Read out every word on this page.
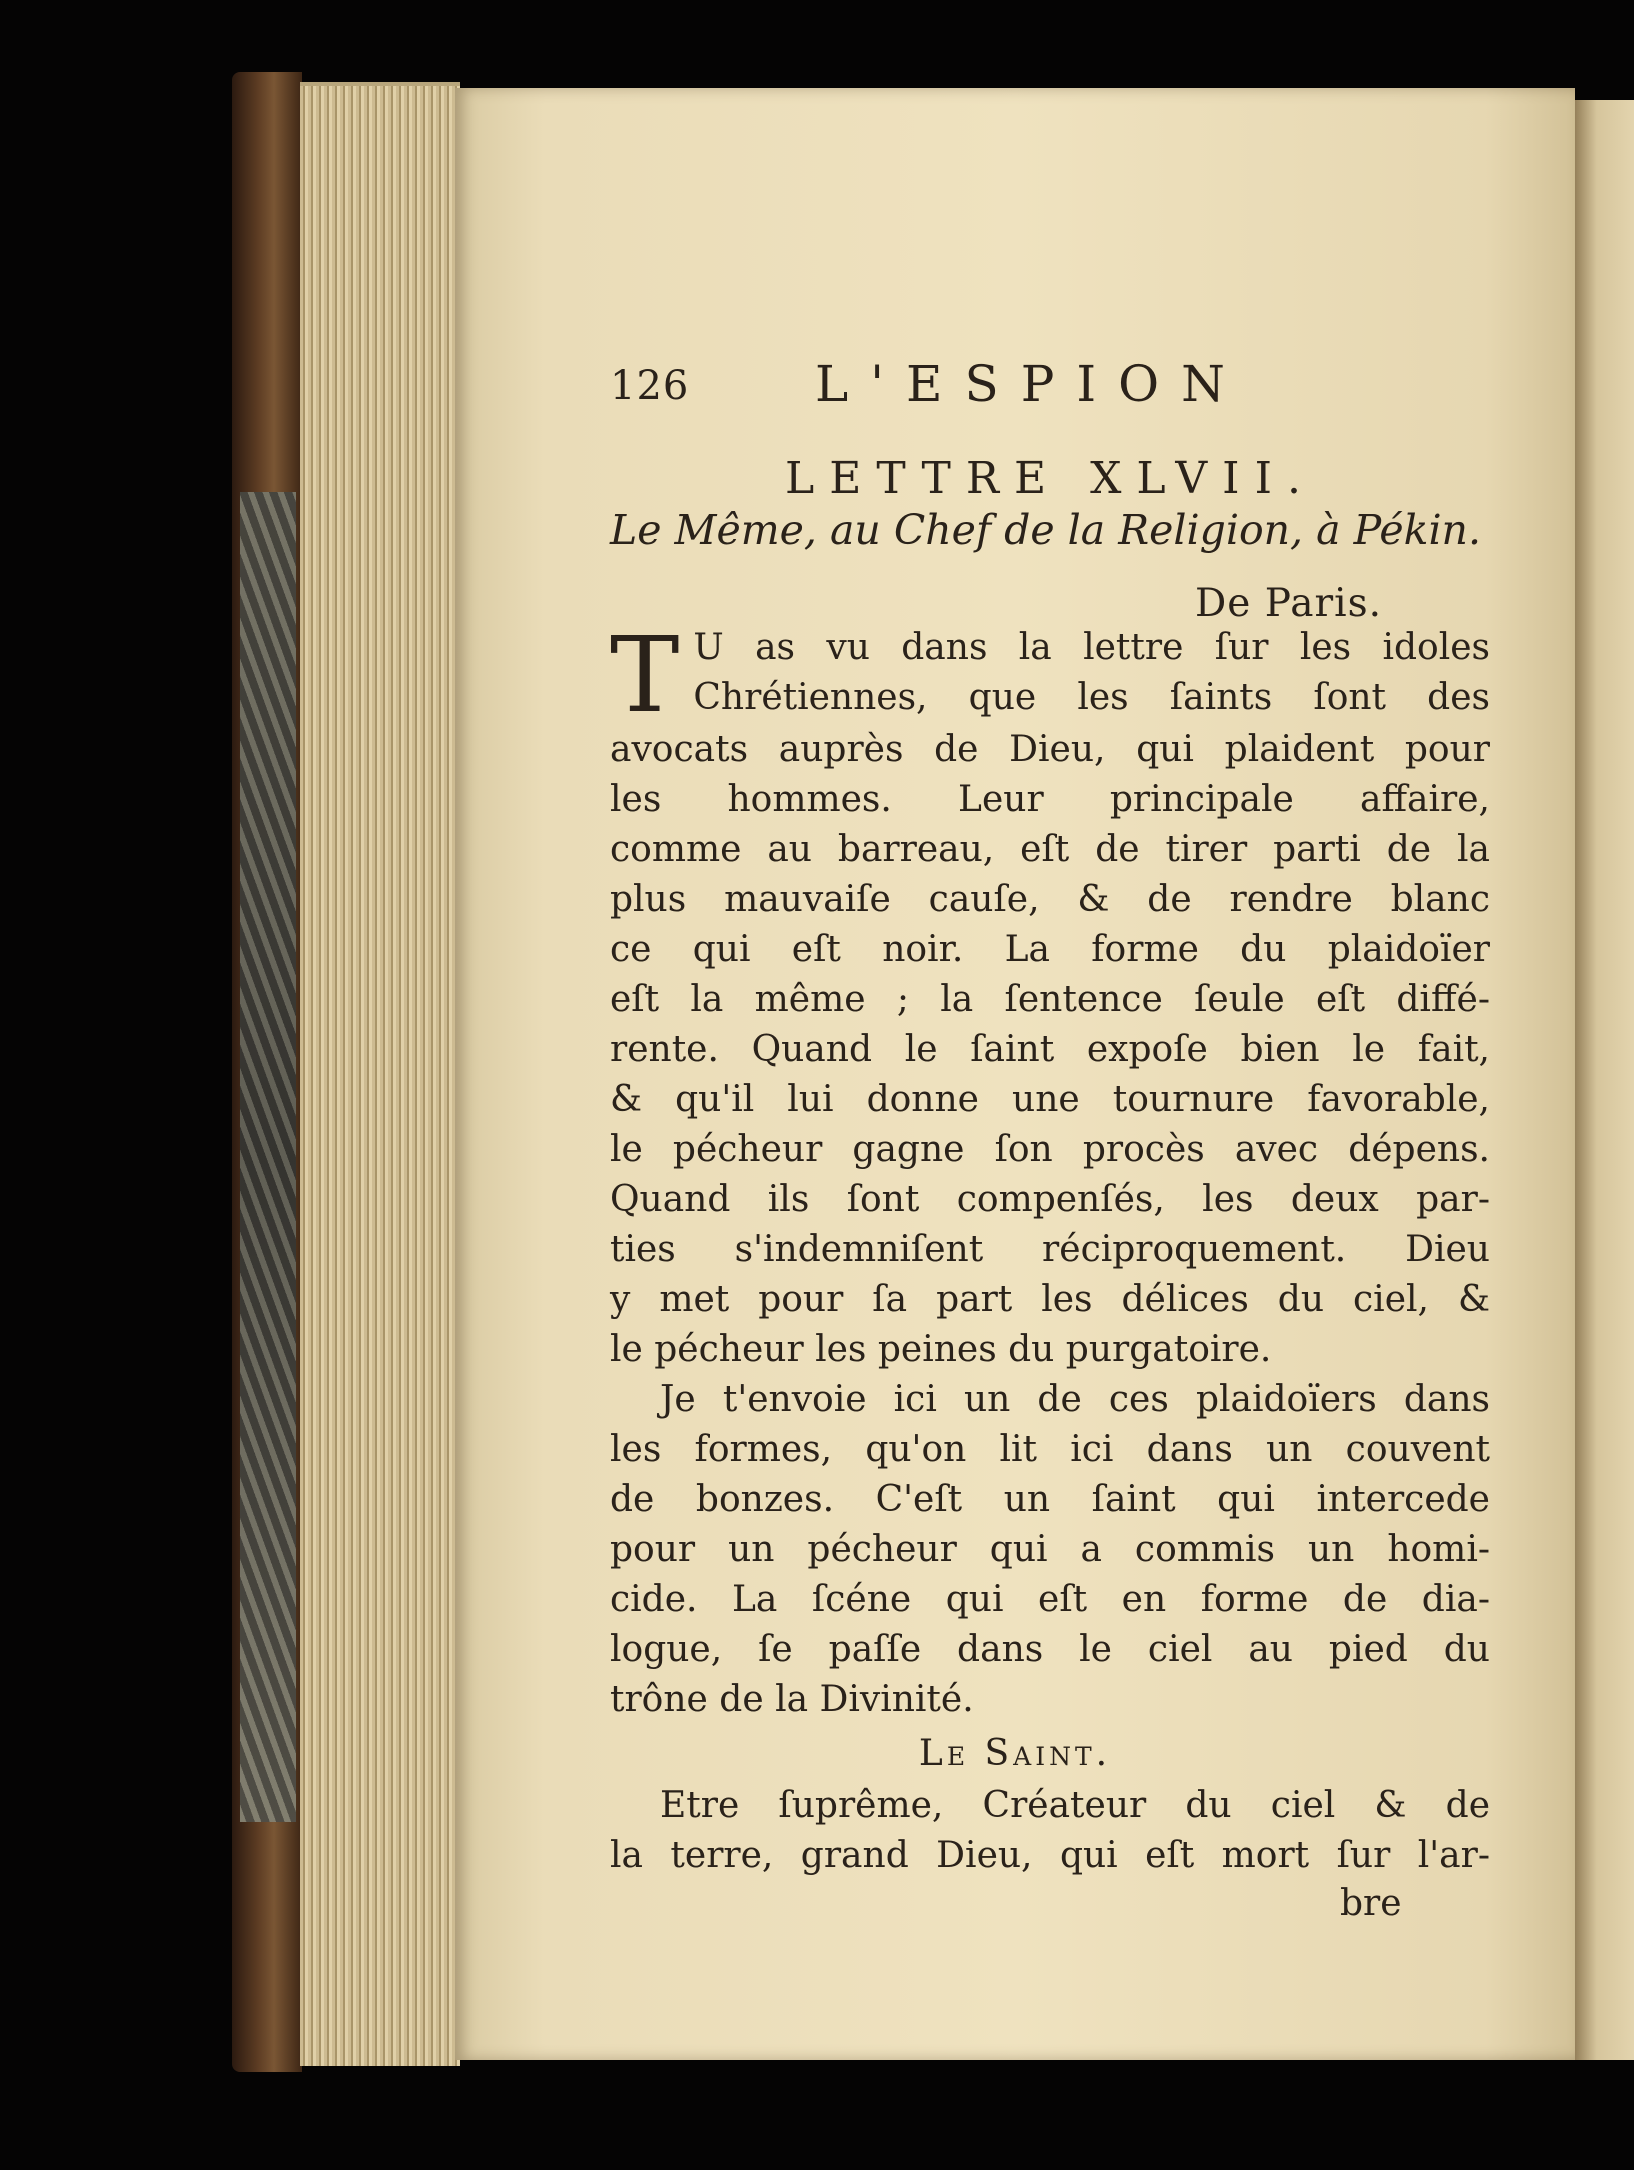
126	L'ESPION
LETTRE XLVII.
Le Même, au Chef de la Religion, à Pékin.
De Paris.
T U as vu dans la lettre ſur les idoles
Chrétiennes, que les ſaints ſont des
avocats auprès de Dieu, qui plaident pour
les hommes. Leur principale affaire,
comme au barreau, eſt de tirer parti de la
plus mauvaiſe cauſe, & de rendre blanc
ce qui eſt noir. La forme du plaidoïer
eſt la même ; la ſentence ſeule eſt diffé-
rente. Quand le ſaint expoſe bien le fait,
& qu'il lui donne une tournure favorable,
le pécheur gagne ſon procès avec dépens.
Quand ils ſont compenſés, les deux par-
ties s'indemniſent réciproquement. Dieu
y met pour ſa part les délices du ciel, &
le pécheur les peines du purgatoire.
Je t'envoie ici un de ces plaidoïers dans
les formes, qu'on lit ici dans un couvent
de bonzes. C'eſt un ſaint qui intercede
pour un pécheur qui a commis un homi-
cide. La ſcéne qui eſt en forme de dia-
logue, ſe paſſe dans le ciel au pied du
trône de la Divinité.
Le Saint.
Etre ſuprême, Créateur du ciel & de
la terre, grand Dieu, qui eſt mort ſur l'ar-
bre
